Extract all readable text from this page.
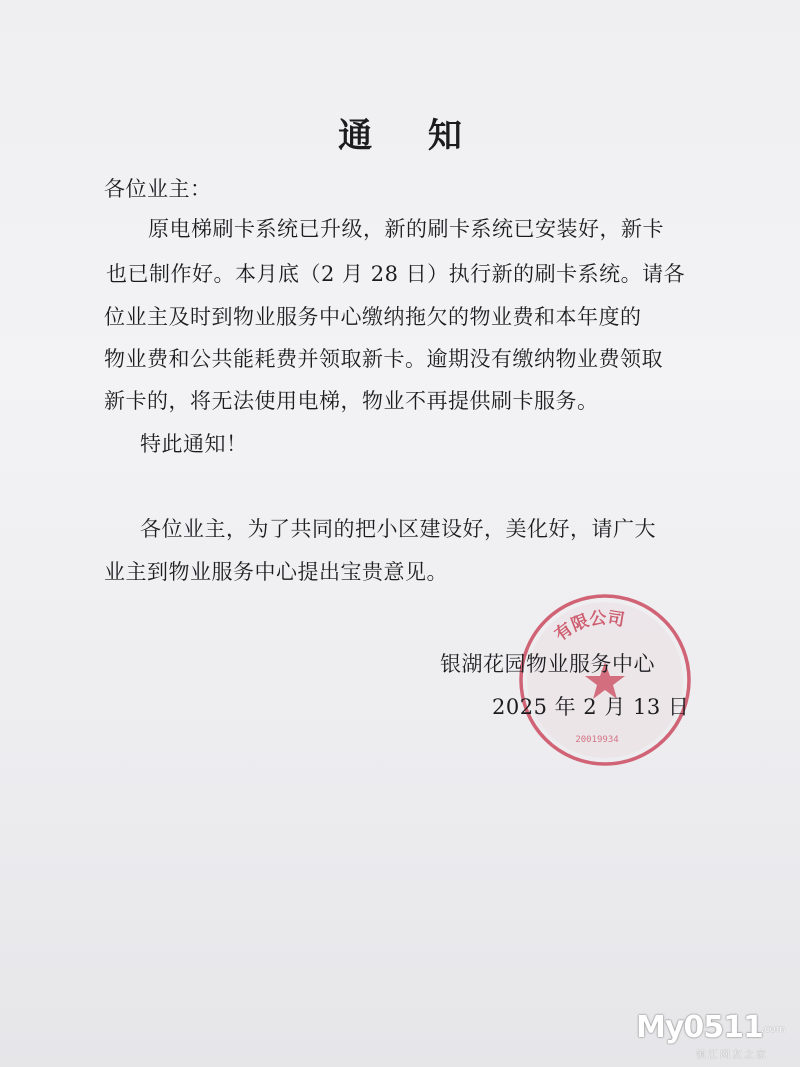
通 知
各位业主：
原电梯刷卡系统已升级，新的刷卡系统已安装好，新卡
也已制作好。本月底（2 月 28 日）执行新的刷卡系统。请各
位业主及时到物业服务中心缴纳拖欠的物业费和本年度的
物业费和公共能耗费并领取新卡。逾期没有缴纳物业费领取
新卡的，将无法使用电梯，物业不再提供刷卡服务。
特此通知！
各位业主，为了共同的把小区建设好，美化好，请广大
业主到物业服务中心提出宝贵意见。
有限公司
20019934
银湖花园物业服务中心
2025 年 2 月 13 日
My0511
.com
镇江网友之家
